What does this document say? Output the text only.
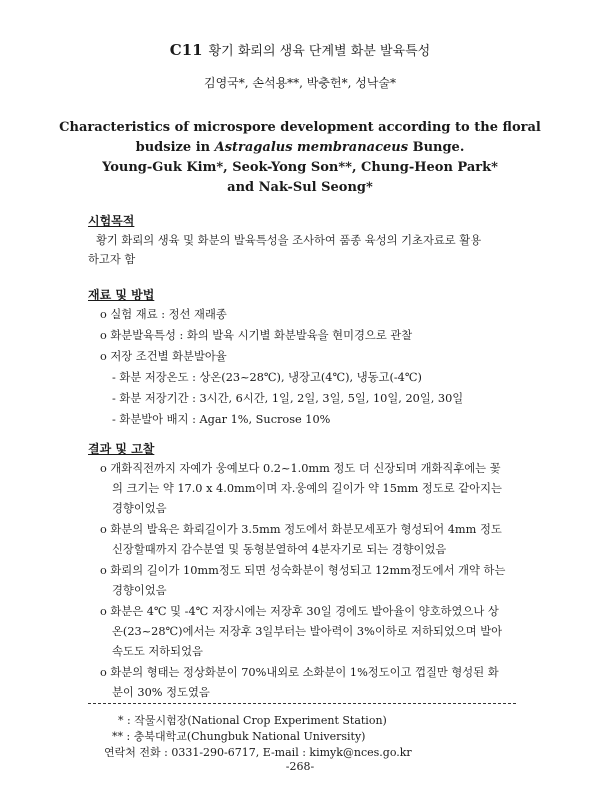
C11 황기 화뢰의 생육 단계별 화분 발육특성
김영국*, 손석용**, 박충헌*, 성낙술*
Characteristics of microspore development according to the floral
budsize in Astragalus membranaceus Bunge.
Young-Guk Kim*, Seok-Yong Son**, Chung-Heon Park*
and Nak-Sul Seong*
시험목적
황기 화뢰의 생육 및 화분의 발육특성을 조사하여 품종 육성의 기초자료로 활용
하고자 함
재료 및 방법
o 실험 재료 : 정선 재래종
o 화분발육특성 : 화의 발육 시기별 화분발육을 현미경으로 관찰
o 저장 조건별 화분발아율
- 화분 저장온도 : 상온(23~28℃), 냉장고(4℃), 냉동고(-4℃)
- 화분 저장기간 : 3시간, 6시간, 1일, 2일, 3일, 5일, 10일, 20일, 30일
- 화분발아 배지 : Agar 1%, Sucrose 10%
결과 및 고찰
o 개화직전까지 자예가 웅예보다 0.2~1.0mm 정도 더 신장되며 개화직후에는 꽃
의 크기는 약 17.0 x 4.0mm이며 자.웅예의 길이가 약 15mm 정도로 같아지는
경향이었음
o 화분의 발육은 화뢰길이가 3.5mm 정도에서 화분모세포가 형성되어 4mm 정도
신장할때까지 감수분열 및 동형분열하여 4분자기로 되는 경향이었음
o 화뢰의 길이가 10mm정도 되면 성숙화분이 형성되고 12mm정도에서 개약 하는
경향이었음
o 화분은 4℃ 및 -4℃ 저장시에는 저장후 30일 경에도 발아율이 양호하였으나 상
온(23~28℃)에서는 저장후 3일부터는 발아력이 3%이하로 저하되었으며 발아
속도도 저하되었음
o 화분의 형태는 정상화분이 70%내외로 소화분이 1%정도이고 껍질만 형성된 화
분이 30% 정도였음
* : 작물시험장(National Crop Experiment Station)
** : 충북대학교(Chungbuk National University)
연락처 전화 : 0331-290-6717, E-mail : kimyk@nces.go.kr
-268-
